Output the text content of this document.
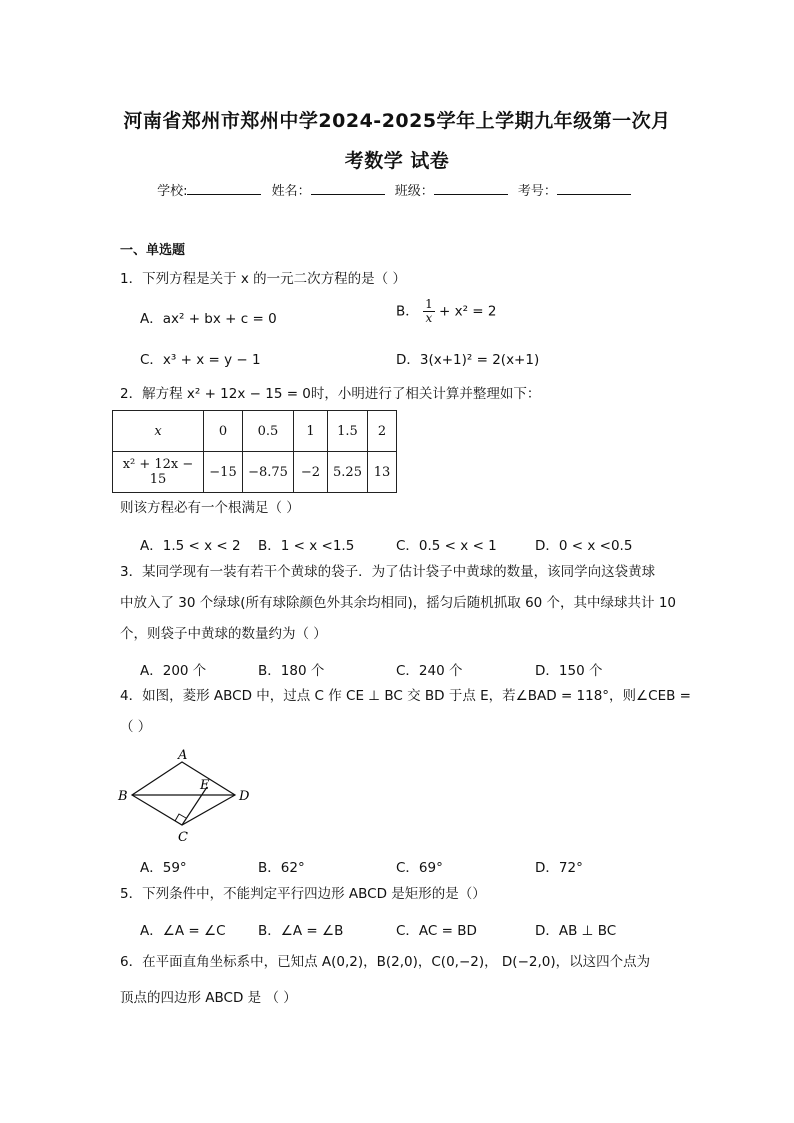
河南省郑州市郑州中学2024-2025学年上学期九年级第一次月
考数学 试卷
学校:	姓名：	班级：	考号：
一、单选题
1．下列方程是关于 x 的一元二次方程的是（ ）
A．ax² + bx + c = 0	B． $\frac{1}{x} + x^2 = 2$
C．x³ + x = y − 1	D．3(x+1)² = 2(x+1)
2．解方程 x² + 12x − 15 = 0时，小明进行了相关计算并整理如下：
x	0	0.5	1	1.5	2
x² + 12x − 15	−15	−8.75	−2	5.25	13
则该方程必有一个根满足（ ）
A．1.5 < x < 2 B．1 < x <1.5	C．0.5 < x < 1	D．0 < x <0.5
3．某同学现有一装有若干个黄球的袋子．为了估计袋子中黄球的数量，该同学向这袋黄球
中放入了 30 个绿球(所有球除颜色外其余均相同)，摇匀后随机抓取 60 个，其中绿球共计 10
个，则袋子中黄球的数量约为（ ）
A．200 个	B．180 个	C．240 个	D．150 个
4．如图，菱形 ABCD 中，过点 C 作 CE ⊥ BC 交 BD 于点 E，若∠BAD = 118°，则∠CEB =
（ ）
A
B
C
D
E
A．59°	B．62°	C．69°	D．72°
5．下列条件中，不能判定平行四边形 ABCD 是矩形的是（）
A．∠A = ∠C B．∠A = ∠B	C．AC = BD	D．AB ⊥ BC
6．在平面直角坐标系中，已知点 A(0,2)，B(2,0)，C(0,−2)， D(−2,0)，以这四个点为
顶点的四边形 ABCD 是 （ ）
